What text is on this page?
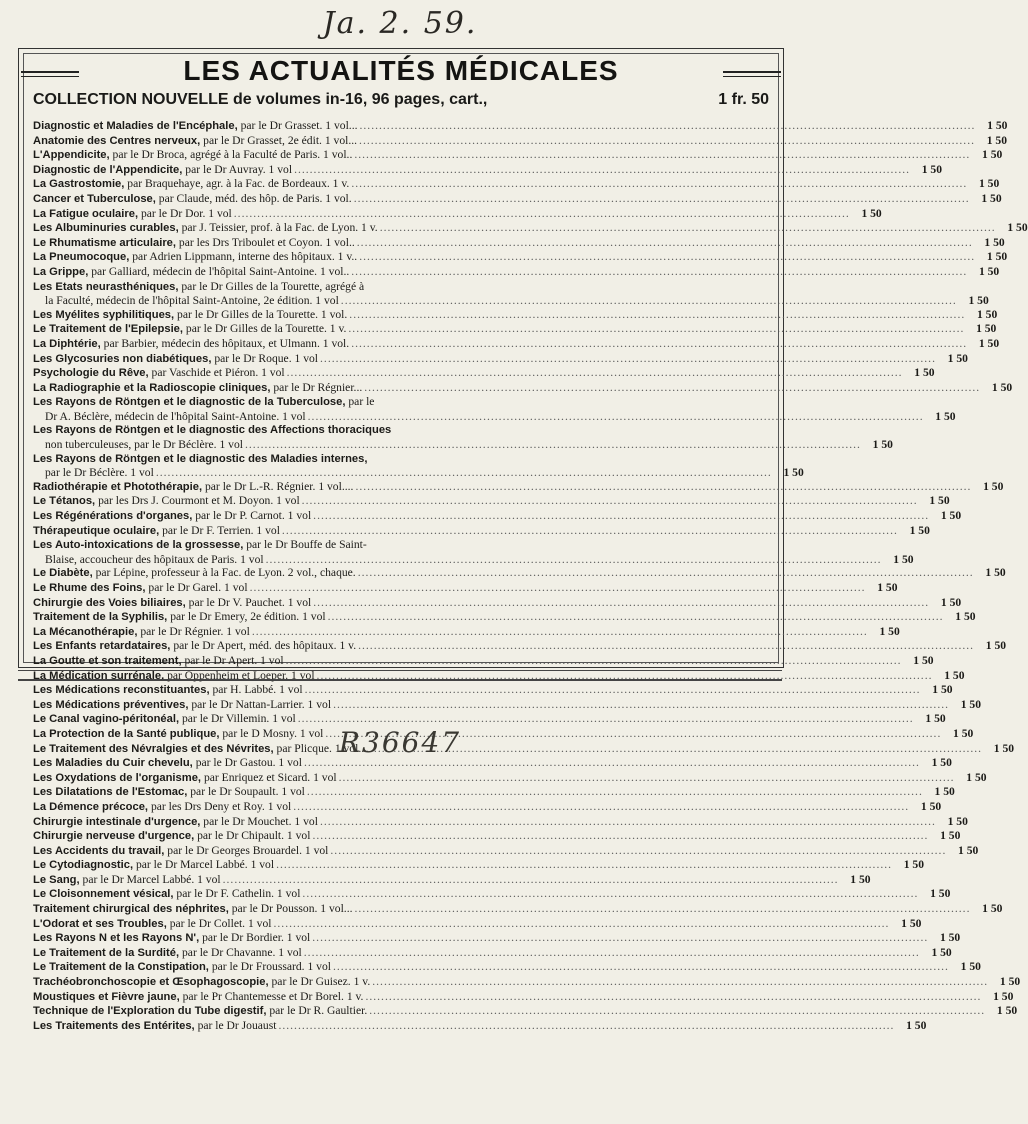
Ja. 2. 59.
LES ACTUALITÉS MÉDICALES
COLLECTION NOUVELLE de volumes in-16, 96 pages, cart.,	1 fr. 50
Diagnostic et Maladies de l'Encéphale, par le Dr Grasset. 1 vol... .....	1 50
Anatomie des Centres nerveux, par le Dr Grasset, 2e édit. 1 vol... .....	1 50
L'Appendicite, par le Dr Broca, agrégé à la Faculté de Paris. 1 vol.. .....	1 50
Diagnostic de l'Appendicite, par le Dr Auvray. 1 vol .....	1 50
La Gastrostomie, par Braquehaye, agr. à la Fac. de Bordeaux. 1 v. .....	1 50
Cancer et Tuberculose, par Claude, méd. des hôp. de Paris. 1 vol. .....	1 50
La Fatigue oculaire, par le Dr Dor. 1 vol .....	1 50
Les Albuminuries curables, par J. Teissier, prof. à la Fac. de Lyon. 1 v. .....	1 50
Le Rhumatisme articulaire, par les Drs Triboulet et Coyon. 1 vol.. .....	1 50
La Pneumocoque, par Adrien Lippmann, interne des hôpitaux. 1 v.. .....	1 50
La Grippe, par Galliard, médecin de l'hôpital Saint-Antoine. 1 vol.. .....	1 50
Les Etats neurasthéniques, par le Dr Gilles de la Tourette, agrégé à
la Faculté, médecin de l'hôpital Saint-Antoine, 2e édition. 1 vol .....	1 50
Les Myélites syphilitiques, par le Dr Gilles de la Tourette. 1 vol. .....	1 50
Le Traitement de l'Epilepsie, par le Dr Gilles de la Tourette. 1 v. .....	1 50
La Diphtérie, par Barbier, médecin des hôpitaux, et Ulmann. 1 vol. .....	1 50
Les Glycosuries non diabétiques, par le Dr Roque. 1 vol .....	1 50
Psychologie du Rêve, par Vaschide et Piéron. 1 vol .....	1 50
La Radiographie et la Radioscopie cliniques, par le Dr Régnier... .....	1 50
Les Rayons de Röntgen et le diagnostic de la Tuberculose, par le
Dr A. Béclère, médecin de l'hôpital Saint-Antoine. 1 vol .....	1 50
Les Rayons de Röntgen et le diagnostic des Affections thoraciques
non tuberculeuses, par le Dr Béclère. 1 vol .....	1 50
Les Rayons de Röntgen et le diagnostic des Maladies internes,
par le Dr Béclère. 1 vol .....	1 50
Radiothérapie et Photothérapie, par le Dr L.-R. Régnier. 1 vol.... .....	1 50
Le Tétanos, par les Drs J. Courmont et M. Doyon. 1 vol .....	1 50
Les Régénérations d'organes, par le Dr P. Carnot. 1 vol .....	1 50
Thérapeutique oculaire, par le Dr F. Terrien. 1 vol .....	1 50
Les Auto-intoxications de la grossesse, par le Dr Bouffe de Saint-
Blaise, accoucheur des hôpitaux de Paris. 1 vol .....	1 50
Le Diabète, par Lépine, professeur à la Fac. de Lyon. 2 vol., chaque. .....	1 50
Le Rhume des Foins, par le Dr Garel. 1 vol .....	1 50
Chirurgie des Voies biliaires, par le Dr V. Pauchet. 1 vol .....	1 50
Traitement de la Syphilis, par le Dr Emery, 2e édition. 1 vol .....	1 50
La Mécanothérapie, par le Dr Régnier. 1 vol .....	1 50
Les Enfants retardataires, par le Dr Apert, méd. des hôpitaux. 1 v. .....	1 50
La Goutte et son traitement, par le Dr Apert. 1 vol .....	1 50
La Médication surrénale, par Oppenheim et Loeper. 1 vol .....	1 50
Les Médications reconstituantes, par H. Labbé. 1 vol .....	1 50
Les Médications préventives, par le Dr Nattan-Larrier. 1 vol .....	1 50
Le Canal vagino-péritonéal, par le Dr Villemin. 1 vol .....	1 50
La Protection de la Santé publique, par le D Mosny. 1 vol .....	1 50
Le Traitement des Névralgies et des Névrites, par Plicque. 1 vol.. .....	1 50
Les Maladies du Cuir chevelu, par le Dr Gastou. 1 vol .....	1 50
Les Oxydations de l'organisme, par Enriquez et Sicard. 1 vol .....	1 50
Les Dilatations de l'Estomac, par le Dr Soupault. 1 vol .....	1 50
La Démence précoce, par les Drs Deny et Roy. 1 vol .....	1 50
Chirurgie intestinale d'urgence, par le Dr Mouchet. 1 vol .....	1 50
Chirurgie nerveuse d'urgence, par le Dr Chipault. 1 vol .....	1 50
Les Accidents du travail, par le Dr Georges Brouardel. 1 vol .....	1 50
Le Cytodiagnostic, par le Dr Marcel Labbé. 1 vol .....	1 50
Le Sang, par le Dr Marcel Labbé. 1 vol .....	1 50
Le Cloisonnement vésical, par le Dr F. Cathelin. 1 vol .....	1 50
Traitement chirurgical des néphrites, par le Dr Pousson. 1 vol... .....	1 50
L'Odorat et ses Troubles, par le Dr Collet. 1 vol .....	1 50
Les Rayons N et les Rayons N', par le Dr Bordier. 1 vol .....	1 50
Le Traitement de la Surdité, par le Dr Chavanne. 1 vol .....	1 50
Le Traitement de la Constipation, par le Dr Froussard. 1 vol .....	1 50
Trachéobronchoscopie et Œsophagoscopie, par le Dr Guisez. 1 v. .....	1 50
Moustiques et Fièvre jaune, par le Pr Chantemesse et Dr Borel. 1 v. .....	1 50
Technique de l'Exploration du Tube digestif, par le Dr R. Gaultier. .....	1 50
Les Traitements des Entérites, par le Dr Jouaust .....	1 50
R36647
